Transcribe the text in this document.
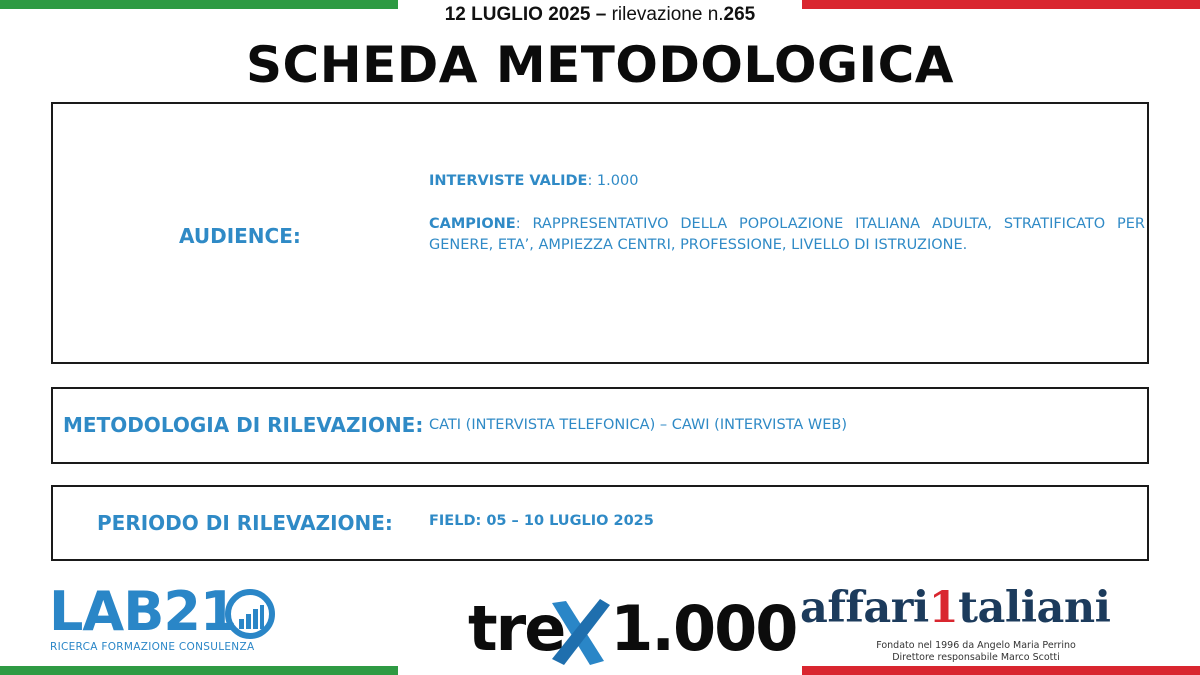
12 LUGLIO 2025 – rilevazione n.265
SCHEDA METODOLOGICA
AUDIENCE:
INTERVISTE VALIDE: 1.000
CAMPIONE: RAPPRESENTATIVO DELLA POPOLAZIONE ITALIANA ADULTA, STRATIFICATO PER GENERE, ETA’, AMPIEZZA CENTRI, PROFESSIONE, LIVELLO DI ISTRUZIONE.
METODOLOGIA DI RILEVAZIONE: CATI (INTERVISTA TELEFONICA) – CAWI (INTERVISTA WEB)
PERIODO DI RILEVAZIONE: FIELD: 05 – 10 LUGLIO 2025
LAB21
RICERCA FORMAZIONE CONSULENZA	tre 1.000 affari1taliani
Fondato nel 1996 da Angelo Maria Perrino
Direttore responsabile Marco Scotti
